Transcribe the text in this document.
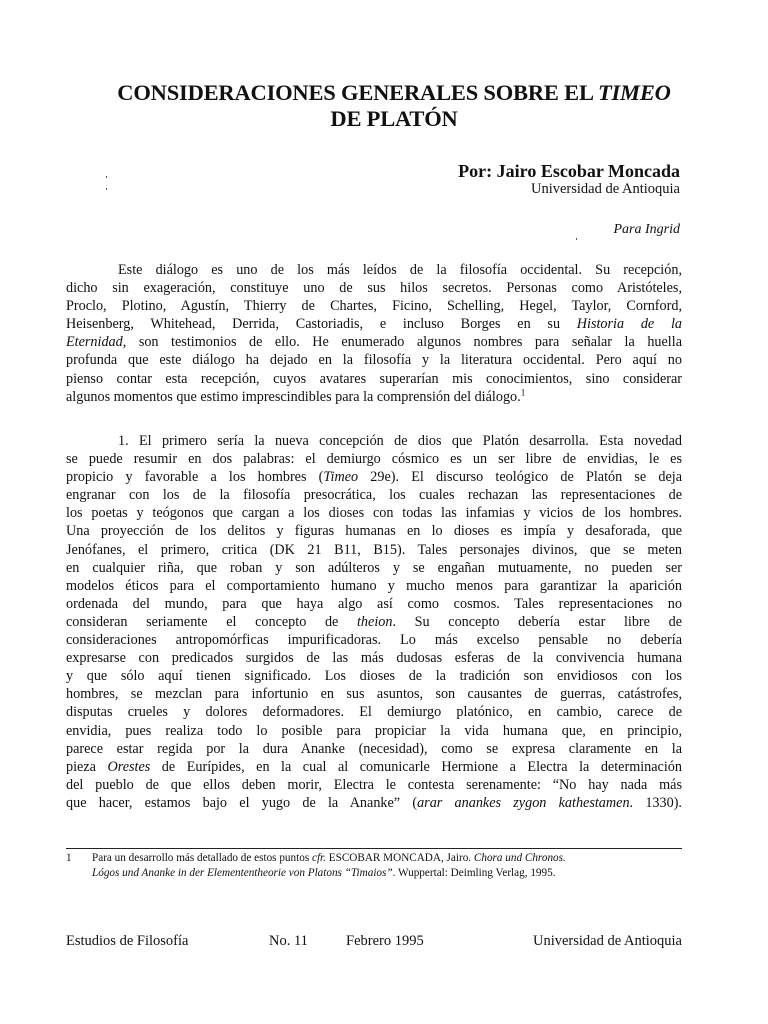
CONSIDERACIONES GENERALES SOBRE EL TIMEO
DE PLATÓN
Por: Jairo Escobar Moncada
Universidad de Antioquia
Para Ingrid
Este diálogo es uno de los más leídos de la filosofía occidental. Su recepción,
dicho sin exageración, constituye uno de sus hilos secretos. Personas como Aristóteles,
Proclo, Plotino, Agustín, Thierry de Chartes, Ficino, Schelling, Hegel, Taylor, Cornford,
Heisenberg, Whitehead, Derrida, Castoriadis, e incluso Borges en su Historia de la
Eternidad, son testimonios de ello. He enumerado algunos nombres para señalar la huella
profunda que este diálogo ha dejado en la filosofía y la literatura occidental. Pero aquí no
pienso contar esta recepción, cuyos avatares superarían mis conocimientos, sino considerar
algunos momentos que estimo imprescindibles para la comprensión del diálogo.$^1$
1. El primero sería la nueva concepción de dios que Platón desarrolla. Esta novedad
se puede resumir en dos palabras: el demiurgo cósmico es un ser libre de envidias, le es
propicio y favorable a los hombres (Timeo 29e). El discurso teológico de Platón se deja
engranar con los de la filosofía presocrática, los cuales rechazan las representaciones de
los poetas y teógonos que cargan a los dioses con todas las infamias y vicios de los hombres.
Una proyección de los delitos y figuras humanas en lo dioses es impía y desaforada, que
Jenófanes, el primero, critica (DK 21 B11, B15). Tales personajes divinos, que se meten
en cualquier riña, que roban y son adúlteros y se engañan mutuamente, no pueden ser
modelos éticos para el comportamiento humano y mucho menos para garantizar la aparición
ordenada del mundo, para que haya algo así como cosmos. Tales representaciones no
consideran seriamente el concepto de theion. Su concepto debería estar libre de
consideraciones antropomórficas impurificadoras. Lo más excelso pensable no debería
expresarse con predicados surgidos de las más dudosas esferas de la convivencia humana
y que sólo aquí tienen significado. Los dioses de la tradición son envidiosos con los
hombres, se mezclan para infortunio en sus asuntos, son causantes de guerras, catástrofes,
disputas crueles y dolores deformadores. El demiurgo platónico, en cambio, carece de
envidia, pues realiza todo lo posible para propiciar la vida humana que, en principio,
parece estar regida por la dura Ananke (necesidad), como se expresa claramente en la
pieza Orestes de Eurípides, en la cual al comunicarle Hermione a Electra la determinación
del pueblo de que ellos deben morir, Electra le contesta serenamente: “No hay nada más
que hacer, estamos bajo el yugo de la Ananke” (arar anankes zygon kathestamen. 1330).
1	Para un desarrollo más detallado de estos puntos cfr. ESCOBAR MONCADA, Jairo. Chora und Chronos.
Lógos und Ananke in der Elemententheorie von Platons “Timaios”. Wuppertal: Deimling Verlag, 1995.
Estudios de Filosofía	No. 11	Febrero 1995	Universidad de Antioquia
